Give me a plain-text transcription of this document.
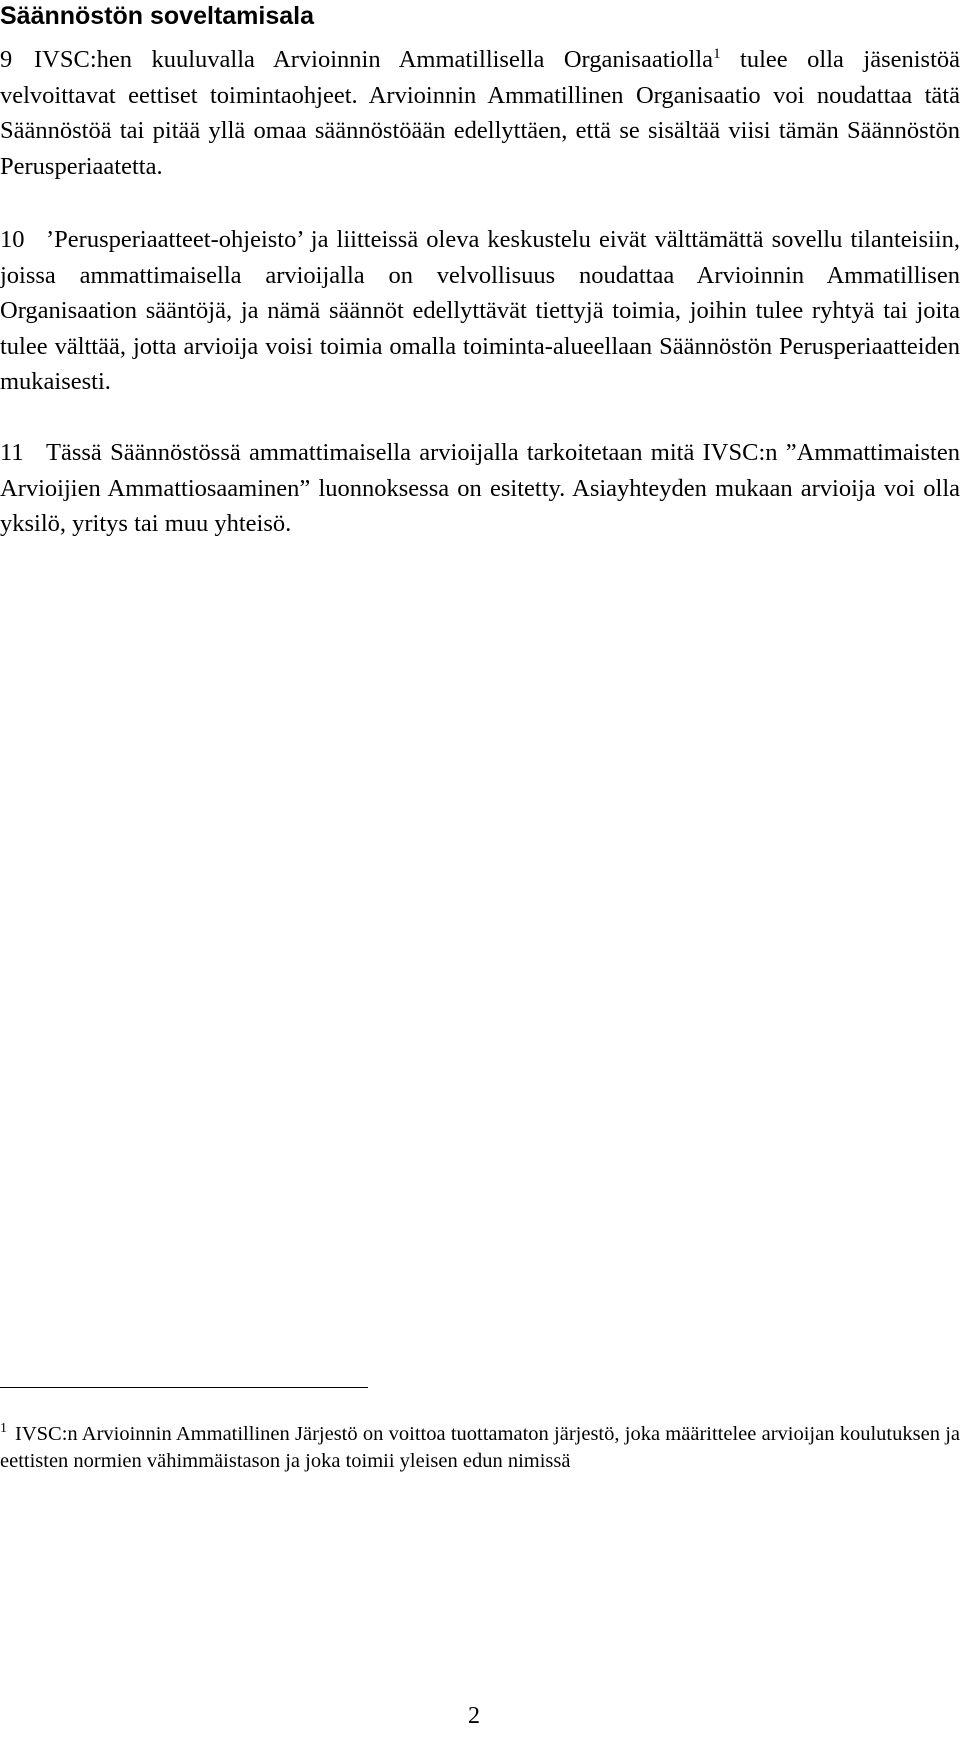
Säännöstön soveltamisala

9 IVSC:hen kuuluvalla Arvioinnin Ammatillisella Organisaatiolla$^1$ tulee olla jäsenistöä velvoittavat eettiset toimintaohjeet. Arvioinnin Ammatillinen Organisaatio voi noudattaa tätä Säännöstöä tai pitää yllä omaa säännöstöään edellyttäen, että se sisältää viisi tämän Säännöstön Perusperiaatetta.

10 ’Perusperiaatteet-ohjeisto’ ja liitteissä oleva keskustelu eivät välttämättä sovellu tilanteisiin, joissa ammattimaisella arvioijalla on velvollisuus noudattaa Arvioinnin Ammatillisen Organisaation sääntöjä, ja nämä säännöt edellyttävät tiettyjä toimia, joihin tulee ryhtyä tai joita tulee välttää, jotta arvioija voisi toimia omalla toiminta-alueellaan Säännöstön Perusperiaatteiden mukaisesti.

11 Tässä Säännöstössä ammattimaisella arvioijalla tarkoitetaan mitä IVSC:n ”Ammattimaisten Arvioijien Ammattiosaaminen” luonnoksessa on esitetty. Asiayhteyden mukaan arvioija voi olla yksilö, yritys tai muu yhteisö.

$^1$ IVSC:n Arvioinnin Ammatillinen Järjestö on voittoa tuottamaton järjestö, joka määrittelee arvioijan koulutuksen ja eettisten normien vähimmäistason ja joka toimii yleisen edun nimissä

2
